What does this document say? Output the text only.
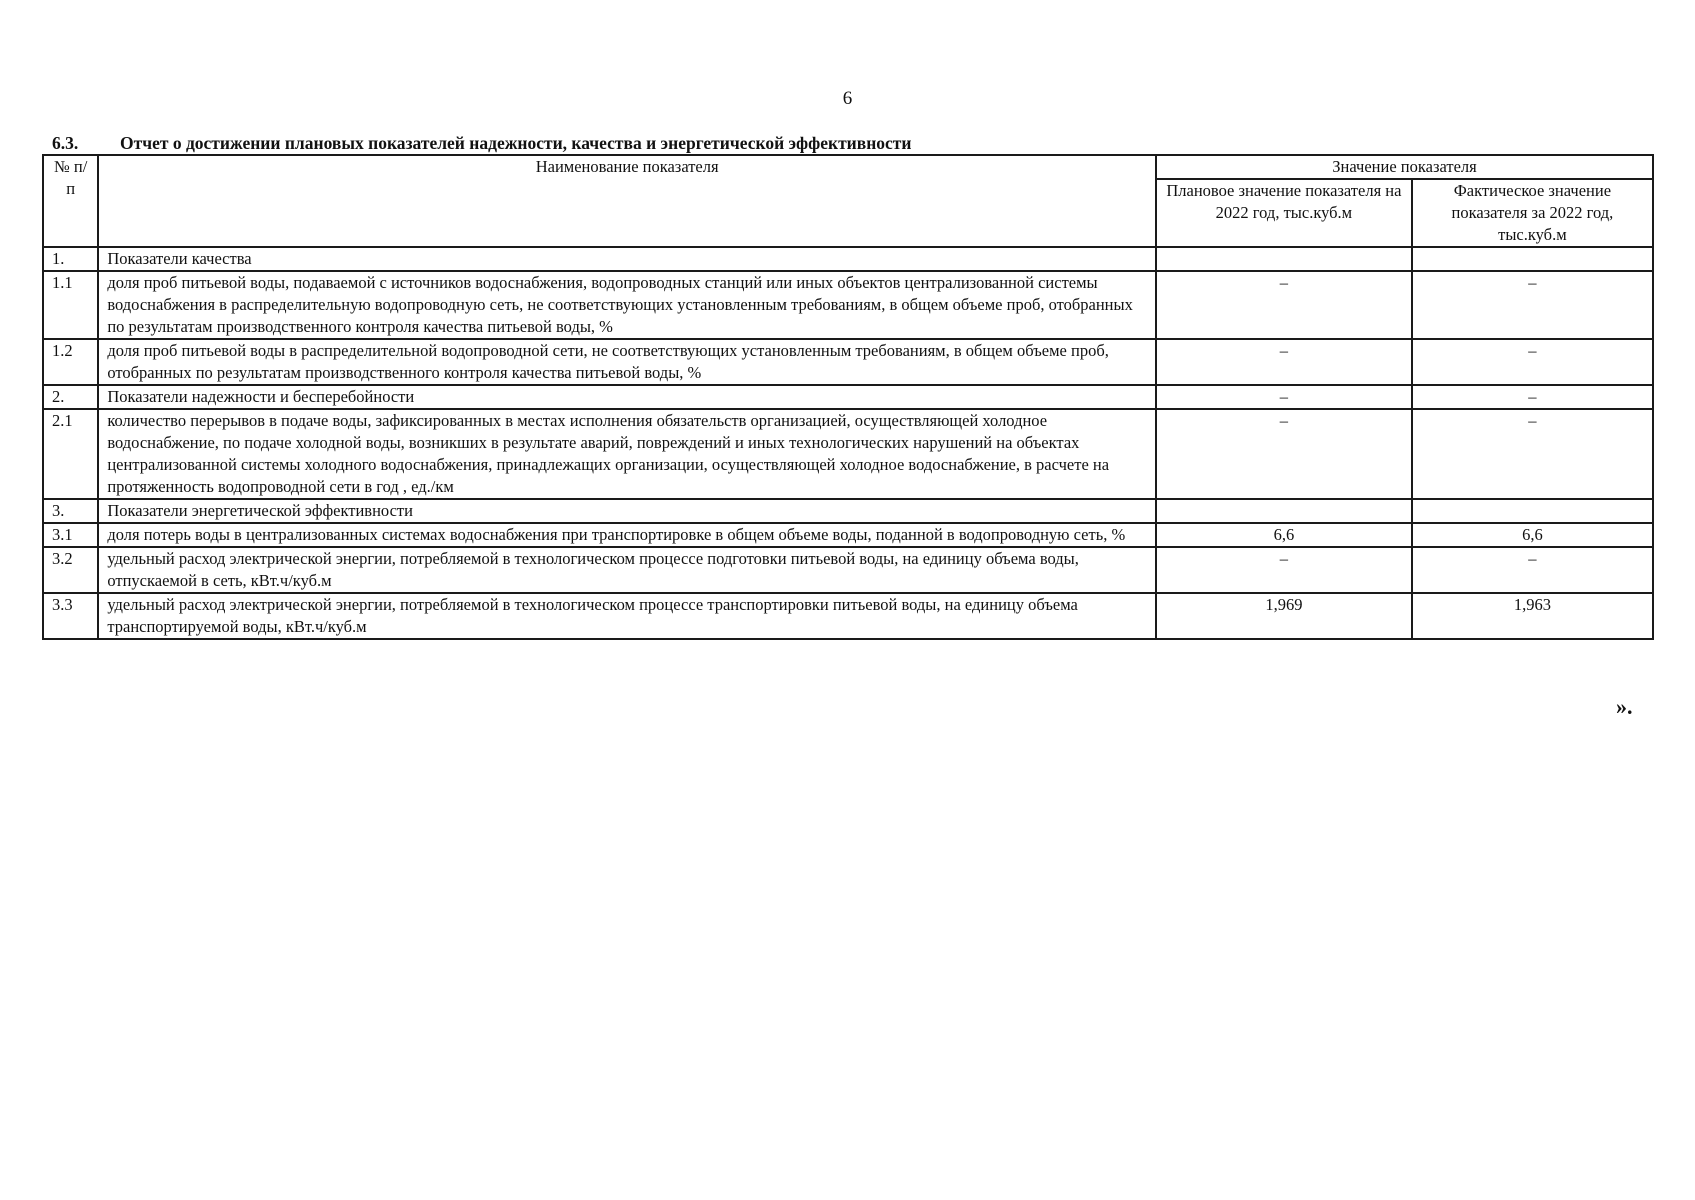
6
6.3. Отчет о достижении плановых показателей надежности, качества и энергетической эффективности
№ п/п	Наименование показателя	Значение показателя	
		Плановое значение показателя на 2022 год, тыс.куб.м	Фактическое значение показателя за 2022 год, тыс.куб.м
1.	Показатели качества		
1.1	доля проб питьевой воды, подаваемой с источников водоснабжения, водопроводных станций или иных объектов централизованной системы водоснабжения в распределительную водопроводную сеть, не соответствующих установленным требованиям, в общем объеме проб, отобранных по результатам производственного контроля качества питьевой воды, %	–	–
1.2	доля проб питьевой воды в распределительной водопроводной сети, не соответствующих установленным требованиям, в общем объеме проб, отобранных по результатам производственного контроля качества питьевой воды, %	–	–
2.	Показатели надежности и бесперебойности	–	–
2.1	количество перерывов в подаче воды, зафиксированных в местах исполнения обязательств организацией, осуществляющей холодное водоснабжение, по подаче холодной воды, возникших в результате аварий, повреждений и иных технологических нарушений на объектах централизованной системы холодного водоснабжения, принадлежащих организации, осуществляющей холодное водоснабжение, в расчете на протяженность водопроводной сети в год , ед./км	–	–
3.	Показатели энергетической эффективности		
3.1	доля потерь воды в централизованных системах водоснабжения при транспортировке в общем объеме воды, поданной в водопроводную сеть, %	6,6	6,6
3.2	удельный расход электрической энергии, потребляемой в технологическом процессе подготовки питьевой воды, на единицу объема воды, отпускаемой в сеть, кВт.ч/куб.м	–	–
3.3	удельный расход электрической энергии, потребляемой в технологическом процессе транспортировки питьевой воды, на единицу объема транспортируемой воды, кВт.ч/куб.м	1,969	1,963
».
